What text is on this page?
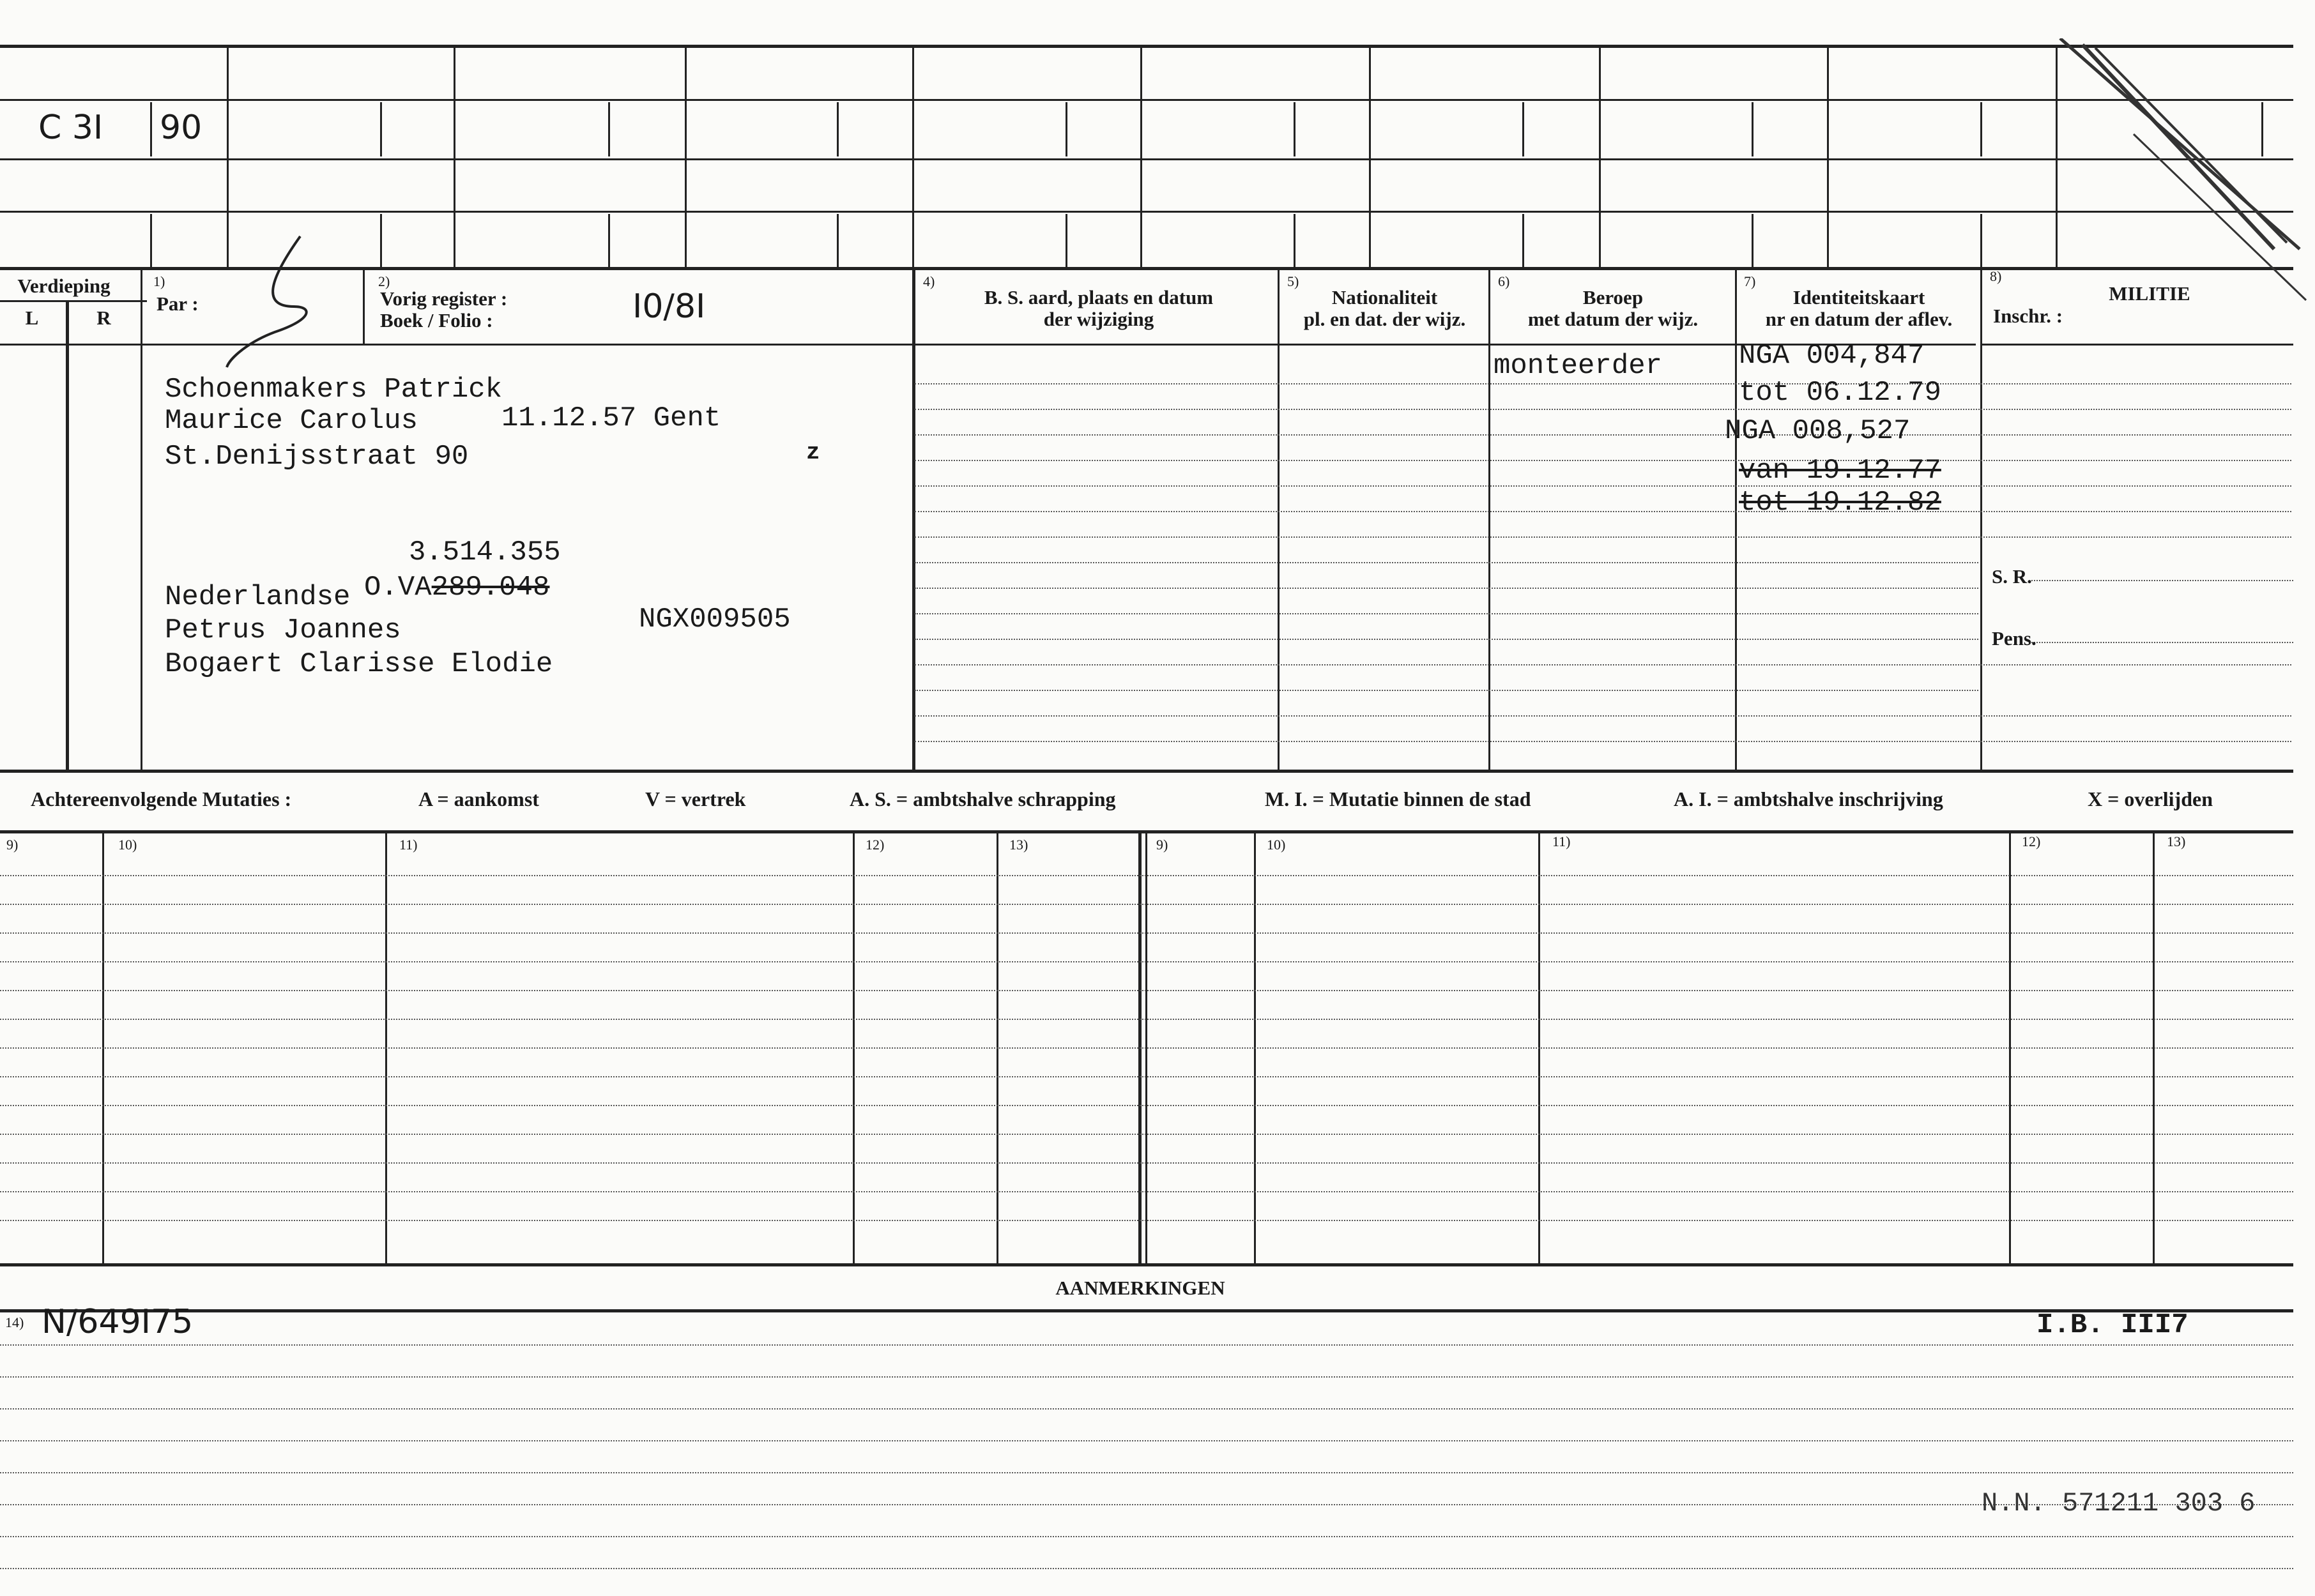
C 3I 90
Verdieping
L	R
1)
Par :
2)
Vorig register :
Boek / Folio :	I0/8I
4)
B. S. aard, plaats en datum
der wijziging
5)
Nationaliteit
pl. en dat. der wijz.
6)
Beroep
met datum der wijz.
7)
Identiteitskaart
nr en datum der aflev.
8)
MILITIE
Inschr. :
Schoenmakers Patrick
Maurice Carolus	11.12.57 Gent
St.Denijsstraat 90	z
3.514.355
Nederlandse O.VA289.048
Petrus Joannes	NGX009505
Bogaert Clarisse Elodie
monteerder	NGA 004,847
tot 06.12.79
NGA 008,527
van 19.12.77
tot 19.12.82
S. R.
Pens.
Achtereenvolgende Mutaties :	A = aankomst	V = vertrek	A. S. = ambtshalve schrapping	M. I. = Mutatie binnen de stad	A. I. = ambtshalve inschrijving	X = overlijden
9)	10)	11)	12)	13)	9)	10)	11)	12)	13)
AANMERKINGEN
14) N/649I75	I.B. III7
N.N. 571211 303 6
